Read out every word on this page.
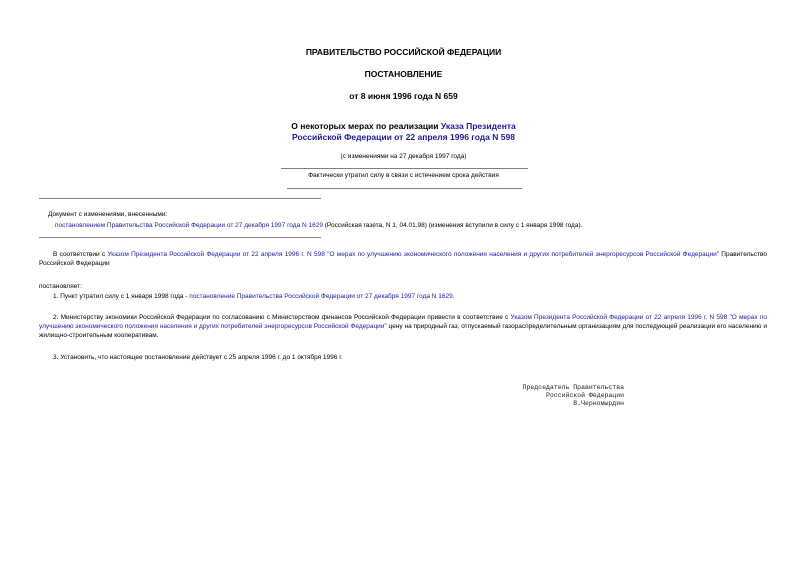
ПРАВИТЕЛЬСТВО РОССИЙСКОЙ ФЕДЕРАЦИИ
ПОСТАНОВЛЕНИЕ
от 8 июня 1996 года N 659
О некоторых мерах по реализации Указа Президента
Российской Федерации от 22 апреля 1996 года N 598
(с изменениями на 27 декабря 1997 года)
Фактически утратил силу в связи с истечением срока действия
Документ с изменениями, внесенными:
постановлением Правительства Российской Федерации от 27 декабря 1997 года N 1629 (Российская газета, N 1, 04.01.98) (изменения вступили в силу с 1 января 1998 года).
В соответствии с Указом Президента Российской Федерации от 22 апреля 1996 г. N 598 "О мерах по улучшению экономического положения населения и других потребителей энергоресурсов Российской Федерации" Правительство Российской Федерации
постановляет:
1. Пункт утратил силу с 1 января 1998 года - постановление Правительства Российской Федерации от 27 декабря 1997 года N 1629.
2. Министерству экономики Российской Федерации по согласованию с Министерством финансов Российской Федерации привести в соответствие с Указом Президента Российской Федерации от 22 апреля 1996 г. N 598 "О мерах по улучшению экономического положения населения и других потребителей энергоресурсов Российской Федерации" цену на природный газ, отпускаемый газораспределительным организациям для последующей реализации его населению и жилищно-строительным кооперативам.
3. Установить, что настоящее постановление действует с 25 апреля 1996 г. до 1 октября 1996 г.
Председатель Правительства
Российской Федерации
В.Черномырдин
